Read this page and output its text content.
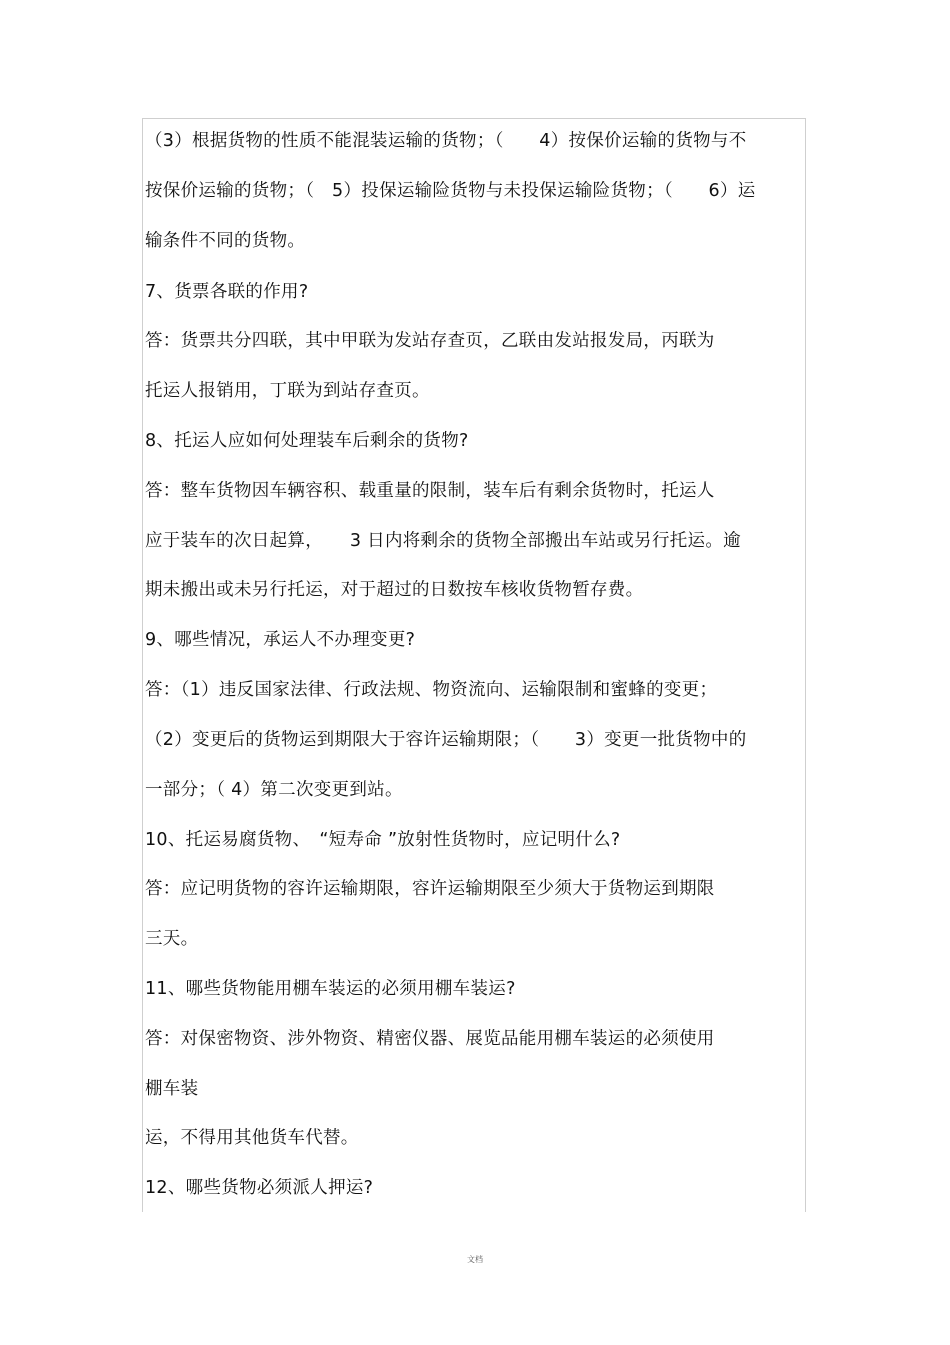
（3）根据货物的性质不能混装运输的货物；（　　4）按保价运输的货物与不
按保价运输的货物；（　5）投保运输险货物与未投保运输险货物；（　　6）运
输条件不同的货物。
7、货票各联的作用?
答：货票共分四联，其中甲联为发站存查页，乙联由发站报发局，丙联为
托运人报销用，丁联为到站存查页。
8、托运人应如何处理装车后剩余的货物?
答：整车货物因车辆容积、载重量的限制，装车后有剩余货物时，托运人
应于装车的次日起算，　　3 日内将剩余的货物全部搬出车站或另行托运。逾
期未搬出或未另行托运，对于超过的日数按车核收货物暂存费。
9、哪些情况，承运人不办理变更?
答：（1）违反国家法律、行政法规、物资流向、运输限制和蜜蜂的变更；
（2）变更后的货物运到期限大于容许运输期限；（　　3）变更一批货物中的
一部分；（ 4）第二次变更到站。
10、托运易腐货物、　“短寿命 ”放射性货物时，应记明什么?
答：应记明货物的容许运输期限，容许运输期限至少须大于货物运到期限
三天。
11、哪些货物能用棚车装运的必须用棚车装运?
答：对保密物资、涉外物资、精密仪器、展览品能用棚车装运的必须使用
棚车装
运，不得用其他货车代替。
12、哪些货物必须派人押运?
文档
